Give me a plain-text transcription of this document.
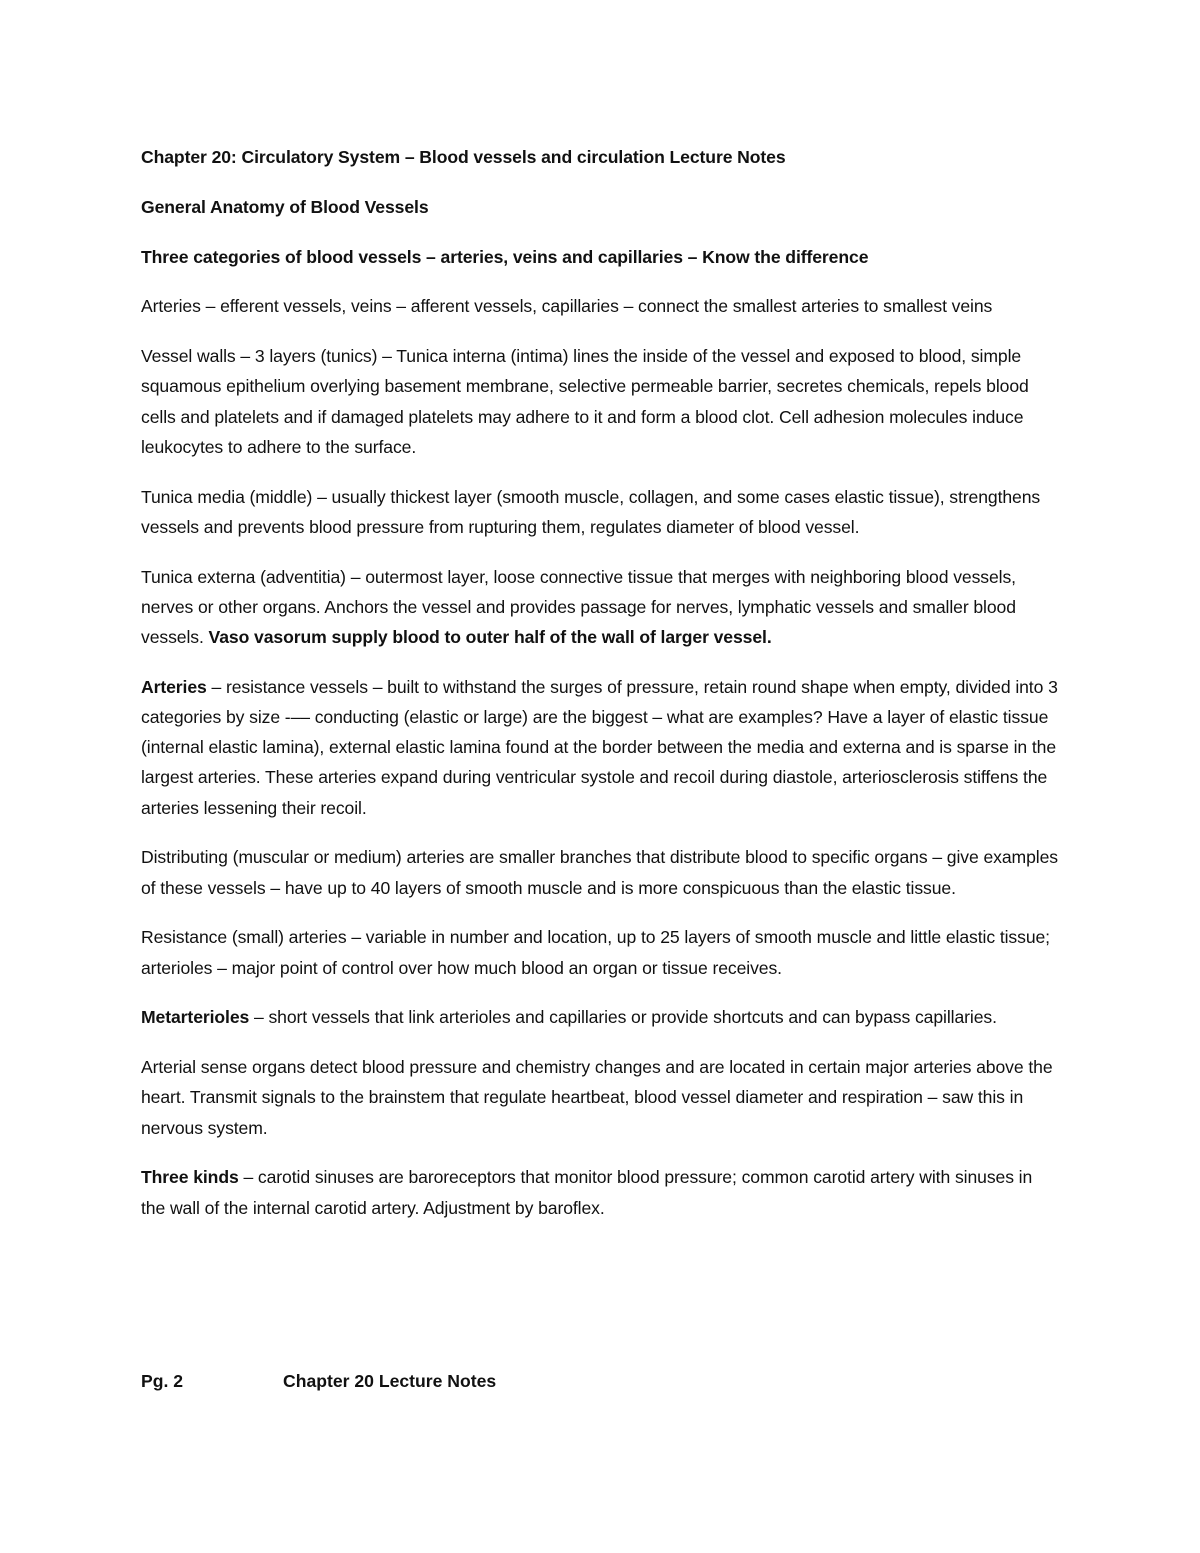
Chapter 20: Circulatory System – Blood vessels and circulation Lecture Notes

General Anatomy of Blood Vessels

Three categories of blood vessels – arteries, veins and capillaries – Know the difference

Arteries – efferent vessels, veins – afferent vessels, capillaries – connect the smallest arteries to smallest veins

Vessel walls – 3 layers (tunics) – Tunica interna (intima) lines the inside of the vessel and exposed to blood, simple squamous epithelium overlying basement membrane, selective permeable barrier, secretes chemicals, repels blood cells and platelets and if damaged platelets may adhere to it and form a blood clot. Cell adhesion molecules induce leukocytes to adhere to the surface.

Tunica media (middle) – usually thickest layer (smooth muscle, collagen, and some cases elastic tissue), strengthens vessels and prevents blood pressure from rupturing them, regulates diameter of blood vessel.

Tunica externa (adventitia) – outermost layer, loose connective tissue that merges with neighboring blood vessels, nerves or other organs. Anchors the vessel and provides passage for nerves, lymphatic vessels and smaller blood vessels. Vaso vasorum supply blood to outer half of the wall of larger vessel.

Arteries – resistance vessels – built to withstand the surges of pressure, retain round shape when empty, divided into 3 categories by size -–– conducting (elastic or large) are the biggest – what are examples? Have a layer of elastic tissue (internal elastic lamina), external elastic lamina found at the border between the media and externa and is sparse in the largest arteries. These arteries expand during ventricular systole and recoil during diastole, arteriosclerosis stiffens the arteries lessening their recoil.

Distributing (muscular or medium) arteries are smaller branches that distribute blood to specific organs – give examples of these vessels – have up to 40 layers of smooth muscle and is more conspicuous than the elastic tissue.

Resistance (small) arteries – variable in number and location, up to 25 layers of smooth muscle and little elastic tissue; arterioles – major point of control over how much blood an organ or tissue receives.

Metarterioles – short vessels that link arterioles and capillaries or provide shortcuts and can bypass capillaries.

Arterial sense organs detect blood pressure and chemistry changes and are located in certain major arteries above the heart. Transmit signals to the brainstem that regulate heartbeat, blood vessel diameter and respiration – saw this in nervous system.

Three kinds – carotid sinuses are baroreceptors that monitor blood pressure; common carotid artery with sinuses in the wall of the internal carotid artery. Adjustment by baroflex.

Pg. 2	Chapter 20 Lecture Notes
